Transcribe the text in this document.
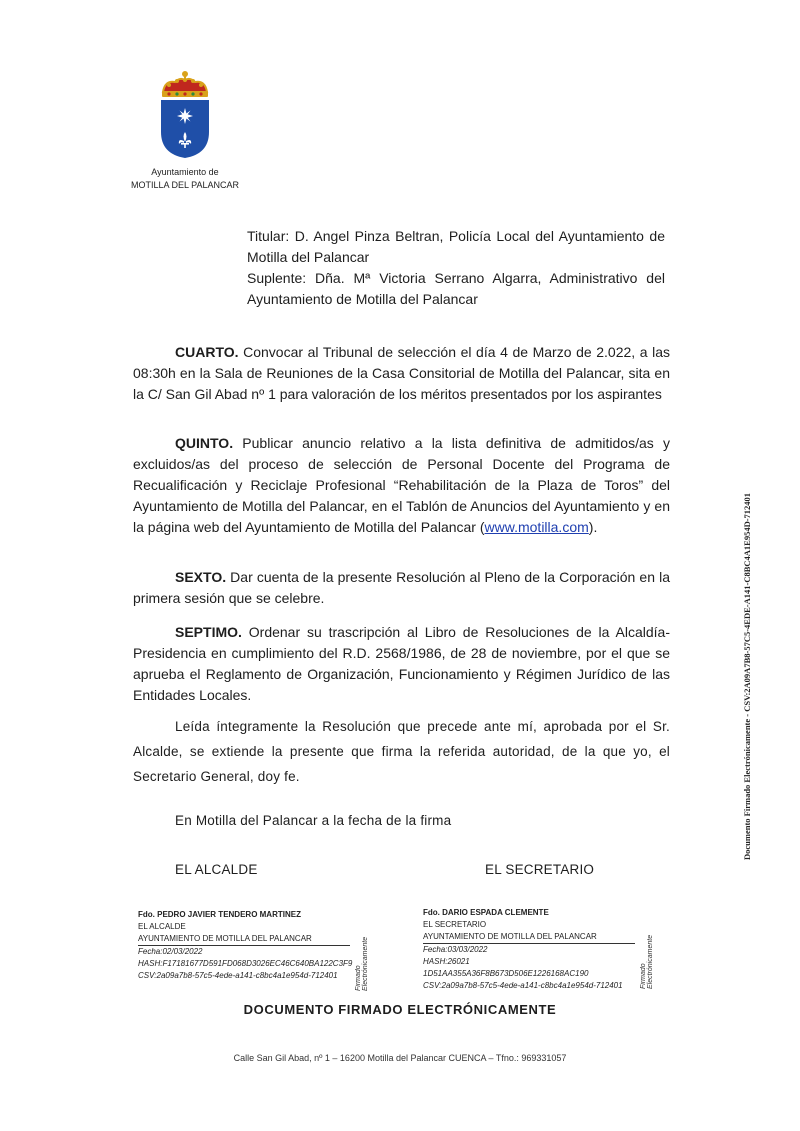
Ayuntamiento de
MOTILLA DEL PALANCAR
Titular: D. Angel Pinza Beltran, Policía Local del Ayuntamiento de Motilla del Palancar
Suplente: Dña. Mª Victoria Serrano Algarra, Administrativo del Ayuntamiento de Motilla del Palancar
CUARTO. Convocar al Tribunal de selección el día 4 de Marzo de 2.022, a las 08:30h en la Sala de Reuniones de la Casa Consitorial de Motilla del Palancar, sita en la C/ San Gil Abad nº 1 para valoración de los méritos presentados por los aspirantes
QUINTO. Publicar anuncio relativo a la lista definitiva de admitidos/as y excluidos/as del proceso de selección de Personal Docente del Programa de Recualificación y Reciclaje Profesional “Rehabilitación de la Plaza de Toros” del Ayuntamiento de Motilla del Palancar, en el Tablón de Anuncios del Ayuntamiento y en la página web del Ayuntamiento de Motilla del Palancar (www.motilla.com).
SEXTO. Dar cuenta de la presente Resolución al Pleno de la Corporación en la primera sesión que se celebre.
SEPTIMO. Ordenar su trascripción al Libro de Resoluciones de la Alcaldía-Presidencia en cumplimiento del R.D. 2568/1986, de 28 de noviembre, por el que se aprueba el Reglamento de Organización, Funcionamiento y Régimen Jurídico de las Entidades Locales.
Leída íntegramente la Resolución que precede ante mí, aprobada por el Sr. Alcalde, se extiende la presente que firma la referida autoridad, de la que yo, el Secretario General, doy fe.
En Motilla del Palancar a la fecha de la firma
EL ALCALDE	EL SECRETARIO
Fdo. PEDRO JAVIER TENDERO MARTINEZ
EL ALCALDE
AYUNTAMIENTO DE MOTILLA DEL PALANCAR
Fecha:02/03/2022
HASH:F17181677D591FD068D3026EC46C640BA122C3F9
CSV:2a09a7b8-57c5-4ede-a141-c8bc4a1e954d-712401	Firmado Electrónicamente
Fdo. DARIO ESPADA CLEMENTE
EL SECRETARIO
AYUNTAMIENTO DE MOTILLA DEL PALANCAR
Fecha:03/03/2022
HASH:26021 1D51AA355A36F8B673D506E1226168AC190
CSV:2a09a7b8-57c5-4ede-a141-c8bc4a1e954d-712401	Firmado Electrónicamente
DOCUMENTO FIRMADO ELECTRÓNICAMENTE
Calle San Gil Abad, nº 1 – 16200 Motilla del Palancar CUENCA – Tfno.: 969331057
Documento Firmado Electrónicamente - CSV:2A09A7B8-57C5-4EDE-A141-C8BC4A1E954D-712401
